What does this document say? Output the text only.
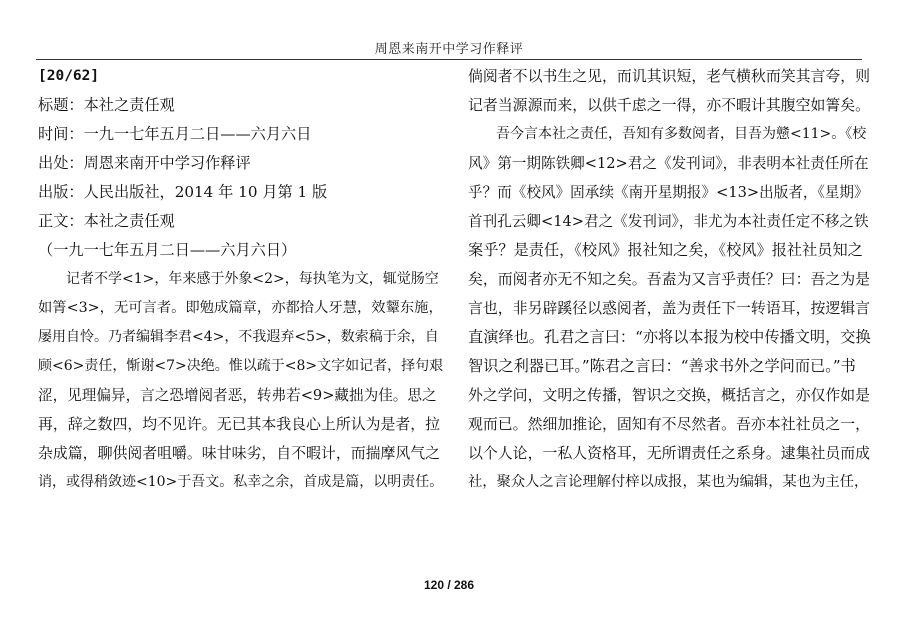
周恩来南开中学习作释评
[20/62]
标题：本社之责任观
时间：一九一七年五月二日——六月六日
出处：周恩来南开中学习作释评
出版：人民出版社，2014 年 10 月第 1 版
正文：本社之责任观
（一九一七年五月二日——六月六日）
　　记者不学<1>，年来感于外象<2>，每执笔为文，辄觉肠空
如箐<3>，无可言者。即勉成篇章，亦都拾人牙慧，效颦东施，
屡用自怜。乃者编辑李君<4>，不我遐弃<5>，数索稿于余，自
顾<6>责任，惭谢<7>决绝。惟以疏于<8>文字如记者，择句艰
涩，见理偏异，言之恐增阅者恶，转弗若<9>藏拙为佳。思之
再，辞之数四，均不见许。无已其本我良心上所认为是者，拉
杂成篇，聊供阅者咀嚼。味甘味劣，自不暇计，而揣摩风气之
诮，或得稍敛迹<10>于吾文。私幸之余，首成是篇，以明责任。
倘阅者不以书生之见，而讥其识短，老气横秋而笑其言夸，则
记者当源源而来，以供千虑之一得，亦不暇计其腹空如箐矣。
　　吾今言本社之责任，吾知有多数阅者，目吾为戆<11>。《校
风》第一期陈铁卿<12>君之《发刊词》，非表明本社责任所在
乎？而《校风》固承续《南开星期报》<13>出版者，《星期》
首刊孔云卿<14>君之《发刊词》，非尤为本社责任定不移之铁
案乎？是责任，《校风》报社知之矣，《校风》报社社员知之
矣，而阅者亦无不知之矣。吾盍为又言乎责任？曰：吾之为是
言也，非另辟蹊径以惑阅者，盖为责任下一转语耳，按逻辑言
直演绎也。孔君之言曰：“亦将以本报为校中传播文明，交换
智识之利器已耳。”陈君之言曰：“善求书外之学问而已。”书
外之学问，文明之传播，智识之交换，概括言之，亦仅作如是
观而已。然细加推论，固知有不尽然者。吾亦本社社员之一，
以个人论，一私人资格耳，无所谓责任之系身。逮集社员而成
社，聚众人之言论理解付梓以成报，某也为编辑，某也为主任，
120 / 286
